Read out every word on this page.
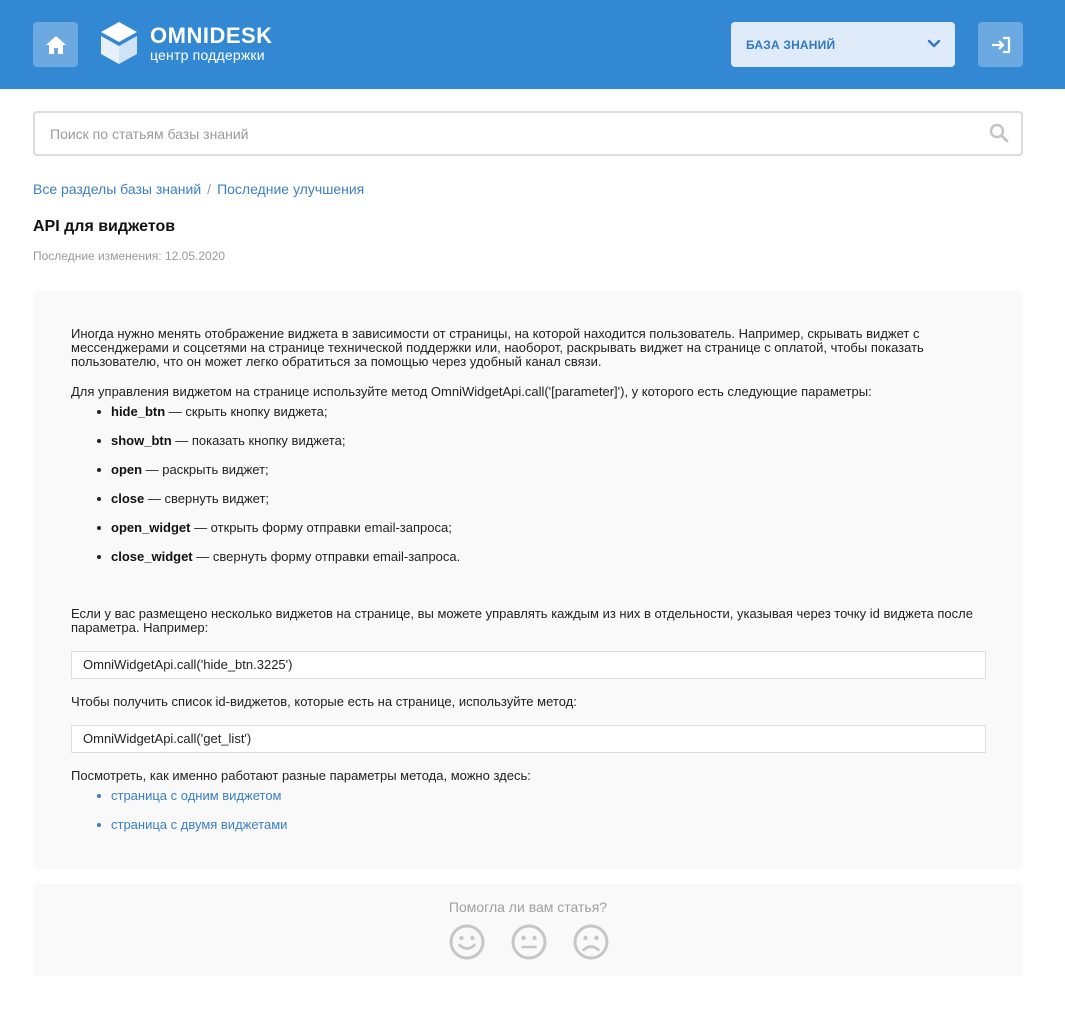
OMNIDESK
центр поддержки
БАЗА ЗНАНИЙ
Поиск по статьям базы знаний
Все разделы базы знаний / Последние улучшения
API для виджетов
Последние изменения: 12.05.2020

Иногда нужно менять отображение виджета в зависимости от страницы, на которой находится пользователь. Например, скрывать виджет с мессенджерами и соцсетями на странице технической поддержки или, наоборот, раскрывать виджет на странице с оплатой, чтобы показать пользователю, что он может легко обратиться за помощью через удобный канал связи.

Для управления виджетом на странице используйте метод OmniWidgetApi.call('[parameter]'), у которого есть следующие параметры:

hide_btn — скрыть кнопку виджета;
show_btn — показать кнопку виджета;
open — раскрыть виджет;
close — свернуть виджет;
open_widget — открыть форму отправки email-запроса;
close_widget — свернуть форму отправки email-запроса.

Если у вас размещено несколько виджетов на странице, вы можете управлять каждым из них в отдельности, указывая через точку id виджета после параметра. Например:

OmniWidgetApi.call('hide_btn.3225')

Чтобы получить список id-виджетов, которые есть на странице, используйте метод:

OmniWidgetApi.call('get_list')

Посмотреть, как именно работают разные параметры метода, можно здесь:

страница с одним виджетом
страница с двумя виджетами
Помогла ли вам статья?
